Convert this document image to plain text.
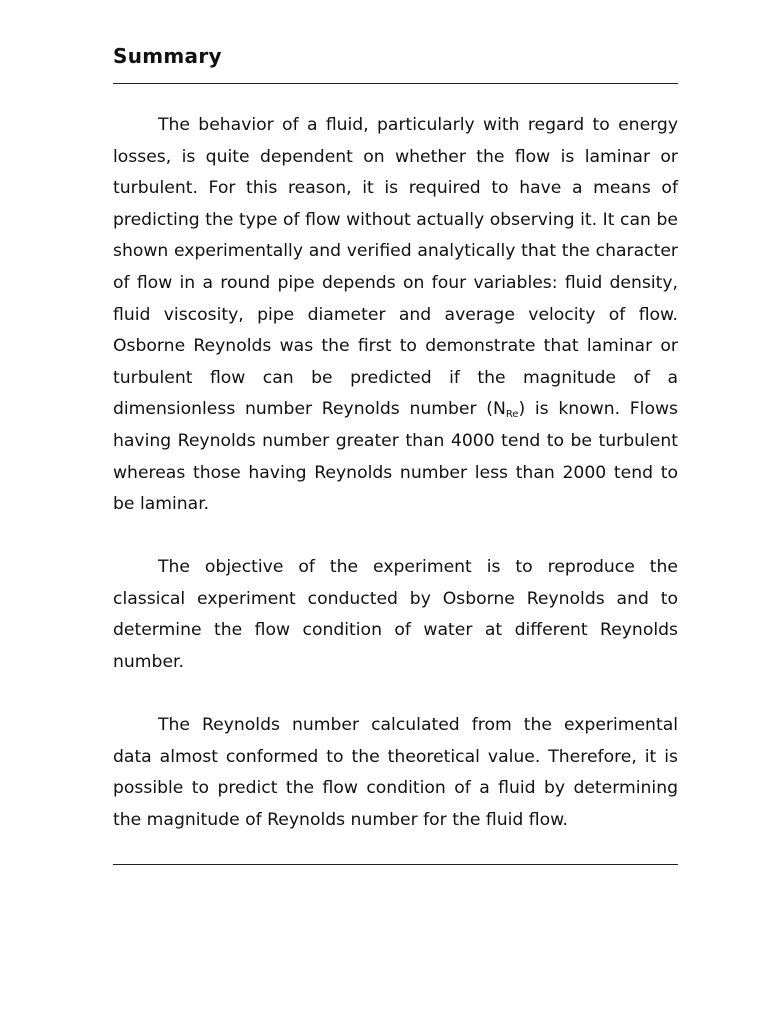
Summary

The behavior of a fluid, particularly with regard to energy losses, is quite dependent on whether the flow is laminar or turbulent. For this reason, it is required to have a means of predicting the type of flow without actually observing it. It can be shown experimentally and verified analytically that the character of flow in a round pipe depends on four variables: fluid density, fluid viscosity, pipe diameter and average velocity of flow. Osborne Reynolds was the first to demonstrate that laminar or turbulent flow can be predicted if the magnitude of a dimensionless number Reynolds number $(N_{Re})$ is known. Flows having Reynolds number greater than 4000 tend to be turbulent whereas those having Reynolds number less than 2000 tend to be laminar.

The objective of the experiment is to reproduce the classical experiment conducted by Osborne Reynolds and to determine the flow condition of water at different Reynolds number.

The Reynolds number calculated from the experimental data almost conformed to the theoretical value. Therefore, it is possible to predict the flow condition of a fluid by determining the magnitude of Reynolds number for the fluid flow.
